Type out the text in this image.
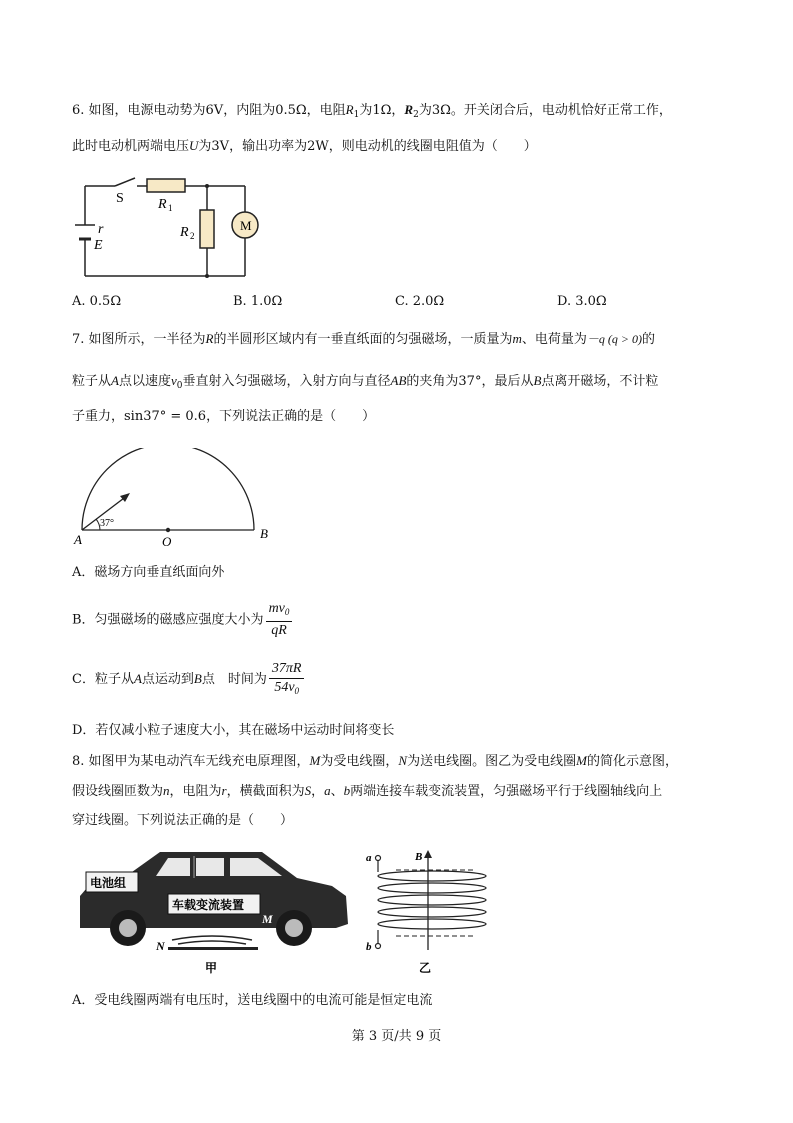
6. 如图，电源电动势为6V，内阻为0.5Ω，电阻$R_1$为1Ω，$R_2$为3Ω。开关闭合后，电动机恰好正常工作，
此时电动机两端电压U为3V，输出功率为2W，则电动机的线圈电阻值为（　　）
S R 1
R 2
r
E
M
A. 0.5Ω	B. 1.0Ω	C. 2.0Ω	D. 3.0Ω
7. 如图所示，一半径为R的半圆形区域内有一垂直纸面的匀强磁场，一质量为m、电荷量为－q (q > 0)的
粒子从A点以速度$v_0$垂直射入匀强磁场，入射方向与直径AB的夹角为37°，最后从B点离开磁场，不计粒
子重力，sin37° = 0.6，下列说法正确的是（　　）
37°
A	O
B
A．磁场方向垂直纸面向外
B．匀强磁场的磁感应强度大小为 $\frac{mv_0}{qR}$
C．粒子从A点运动到B点　时间为 $\frac{37\pi R}{54v_0}$
D．若仅减小粒子速度大小，其在磁场中运动时间将变长
8. 如图甲为某电动汽车无线充电原理图，M为受电线圈，N为送电线圈。图乙为受电线圈M的简化示意图，
假设线圈匝数为n，电阻为r，横截面积为S，a、b两端连接车载变流装置，匀强磁场平行于线圈轴线向上
穿过线圈。下列说法正确的是（　　）
电池组
车载变流装置
M
N
甲
a
b
B
乙
A．受电线圈两端有电压时，送电线圈中的电流可能是恒定电流
第 3 页/共 9 页
